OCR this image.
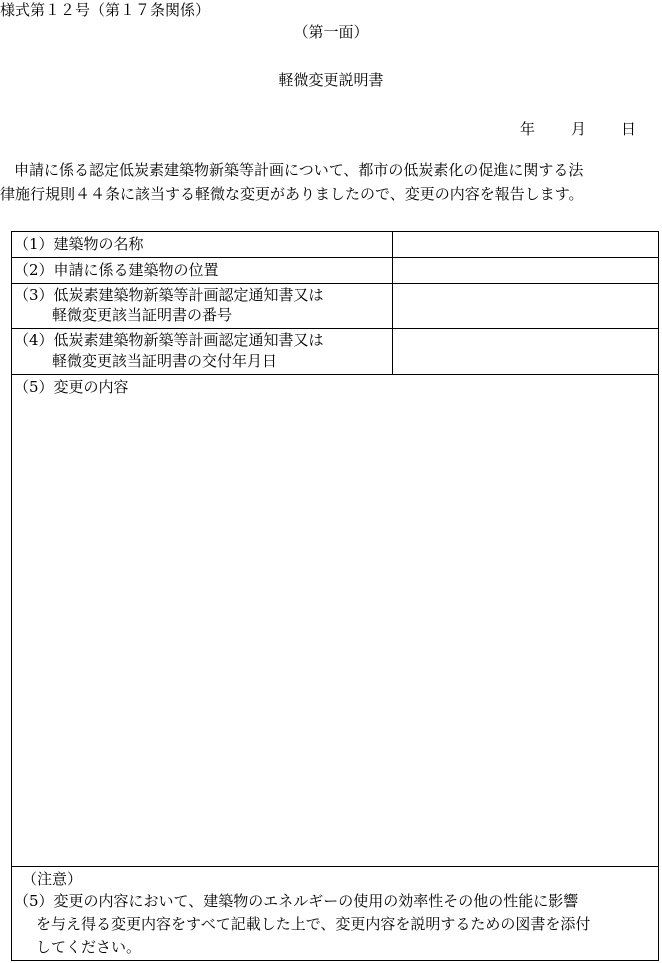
様式第１２号（第１７条関係）
（第一面）
軽微変更説明書
年 月 日
申請に係る認定低炭素建築物新築等計画について、都市の低炭素化の促進に関する法
律施行規則４４条に該当する軽微な変更がありましたので、変更の内容を報告します。
（1）建築物の名称
（2）申請に係る建築物の位置
（3）低炭素建築物新築等計画認定通知書又は
軽微変更該当証明書の番号
（4）低炭素建築物新築等計画認定通知書又は
軽微変更該当証明書の交付年月日
（5）変更の内容
（注意）
（5）変更の内容において、建築物のエネルギーの使用の効率性その他の性能に影響
を与え得る変更内容をすべて記載した上で、変更内容を説明するための図書を添付
してください。
